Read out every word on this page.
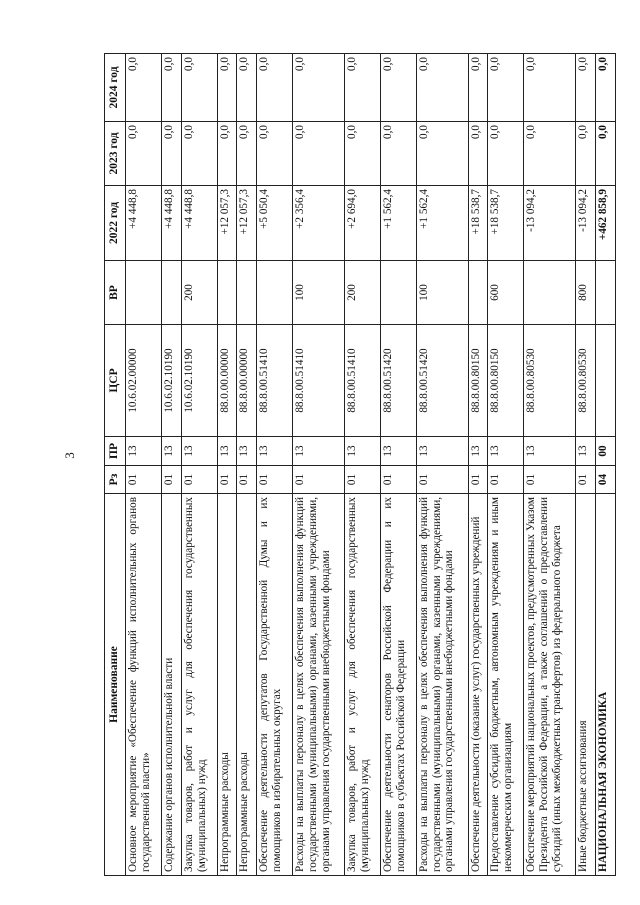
3
Наименование	Рз	ПР	ЦСР	ВР	2022 год	2023 год	2024 год
Основное мероприятие «Обеспечение функций исполнительных органов государственной власти»	01	13	10.6.02.00000		+4 448,8	0,0	0,0
Содержание органов исполнительной власти	01	13	10.6.02.10190		+4 448,8	0,0	0,0
Закупка товаров, работ и услуг для обеспечения государственных (муниципальных) нужд	01	13	10.6.02.10190	200	+4 448,8	0,0	0,0
Непрограммные расходы	01	13	88.0.00.00000		+12 057,3	0,0	0,0
Непрограммные расходы	01	13	88.8.00.00000		+12 057,3	0,0	0,0
Обеспечение деятельности депутатов Государственной Думы и их помощников в избирательных округах	01	13	88.8.00.51410		+5 050,4	0,0	0,0
Расходы на выплаты персоналу в целях обеспечения выполнения функций государственными (муниципальными) органами, казенными учреждениями, органами управления государственными внебюджетными фондами	01	13	88.8.00.51410	100	+2 356,4	0,0	0,0
Закупка товаров, работ и услуг для обеспечения государственных (муниципальных) нужд	01	13	88.8.00.51410	200	+2 694,0	0,0	0,0
Обеспечение деятельности сенаторов Российской Федерации и их помощников в субъектах Российской Федерации	01	13	88.8.00.51420		+1 562,4	0,0	0,0
Расходы на выплаты персоналу в целях обеспечения выполнения функций государственными (муниципальными) органами, казенными учреждениями, органами управления государственными внебюджетными фондами	01	13	88.8.00.51420	100	+1 562,4	0,0	0,0
Обеспечение деятельности (оказание услуг) государственных учреждений	01	13	88.8.00.80150		+18 538,7	0,0	0,0
Предоставление субсидий бюджетным, автономным учреждениям и иным некоммерческим организациям	01	13	88.8.00.80150	600	+18 538,7	0,0	0,0
Обеспечение мероприятий национальных проектов, предусмотренных Указом Президента Российской Федерации, а также соглашений о предоставлении субсидий (иных межбюджетных трансфертов) из федерального бюджета	01	13	88.8.00.80530		-13 094,2	0,0	0,0
Иные бюджетные ассигнования	01	13	88.8.00.80530	800	-13 094,2	0,0	0,0
НАЦИОНАЛЬНАЯ ЭКОНОМИКА	04	00			+462 858,9	0,0	0,0
